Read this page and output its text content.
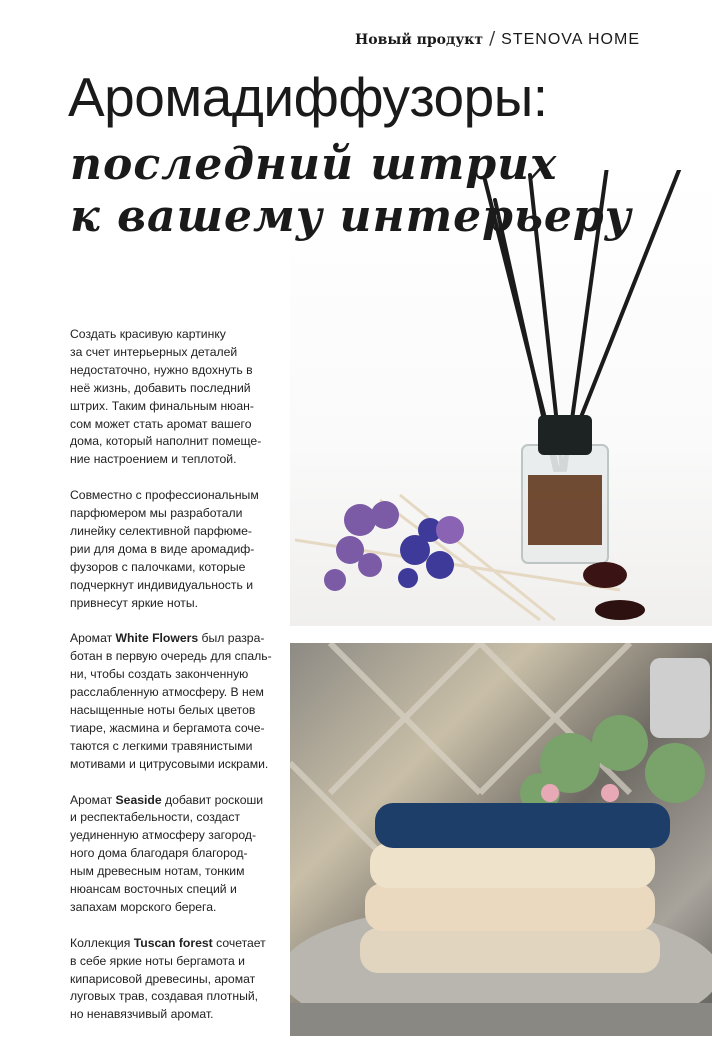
Новый продукт / STENOVA HOME
Аромадиффузоры:
последний штрих
к вашему интерьеру

Создать красивую картинку
за счет интерьерных деталей
недостаточно, нужно вдохнуть в
неё жизнь, добавить последний
штрих. Таким финальным нюан-
сом может стать аромат вашего
дома, который наполнит помеще-
ние настроением и теплотой.

Совместно с профессиональным
парфюмером мы разработали
линейку селективной парфюме-
рии для дома в виде аромадиф-
фузоров с палочками, которые
подчеркнут индивидуальность и
привнесут яркие ноты.

Аромат White Flowers был разра-
ботан в первую очередь для спаль-
ни, чтобы создать законченную
расслабленную атмосферу. В нем
насыщенные ноты белых цветов
тиаре, жасмина и бергамота соче-
таются с легкими травянистыми
мотивами и цитрусовыми искрами.

Аромат Seaside добавит роскоши
и респектабельности, создаст
уединенную атмосферу загород-
ного дома благодаря благород-
ным древесным нотам, тонким
нюансам восточных специй и
запахам морского берега.

Коллекция Tuscan forest сочетает
в себе яркие ноты бергамота и
кипарисовой древесины, аромат
луговых трав, создавая плотный,
но ненавязчивый аромат.
